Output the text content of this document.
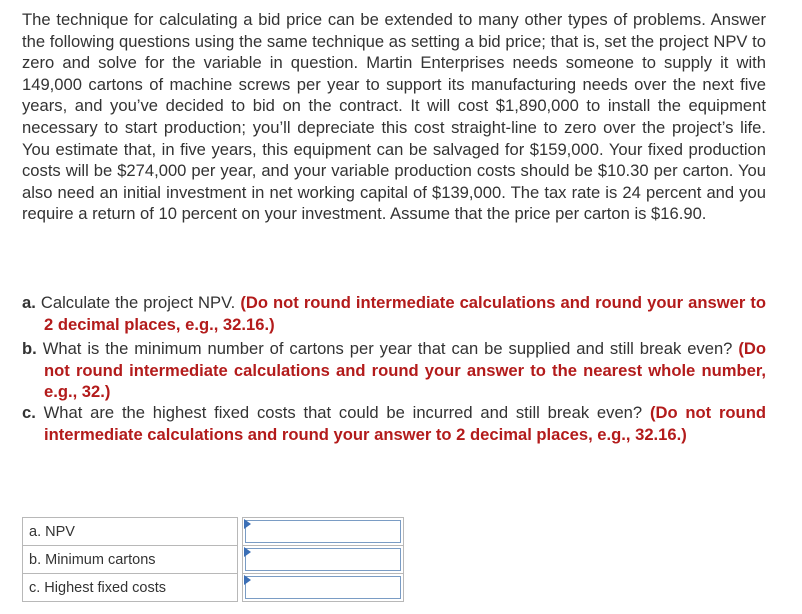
The technique for calculating a bid price can be extended to many other types of problems. Answer the following questions using the same technique as setting a bid price; that is, set the project NPV to zero and solve for the variable in question. Martin Enterprises needs someone to supply it with 149,000 cartons of machine screws per year to support its manufacturing needs over the next five years, and you’ve decided to bid on the contract. It will cost $1,890,000 to install the equipment necessary to start production; you’ll depreciate this cost straight-line to zero over the project’s life. You estimate that, in five years, this equipment can be salvaged for $159,000. Your fixed production costs will be $274,000 per year, and your variable production costs should be $10.30 per carton. You also need an initial investment in net working capital of $139,000. The tax rate is 24 percent and you require a return of 10 percent on your investment. Assume that the price per carton is $16.90.

a. Calculate the project NPV. (Do not round intermediate calculations and round your answer to 2 decimal places, e.g., 32.16.)

b. What is the minimum number of cartons per year that can be supplied and still break even? (Do not round intermediate calculations and round your answer to the nearest whole number, e.g., 32.)

c. What are the highest fixed costs that could be incurred and still break even? (Do not round intermediate calculations and round your answer to 2 decimal places, e.g., 32.16.)

a. NPV		

b. Minimum cartons		

c. Highest fixed costs		
